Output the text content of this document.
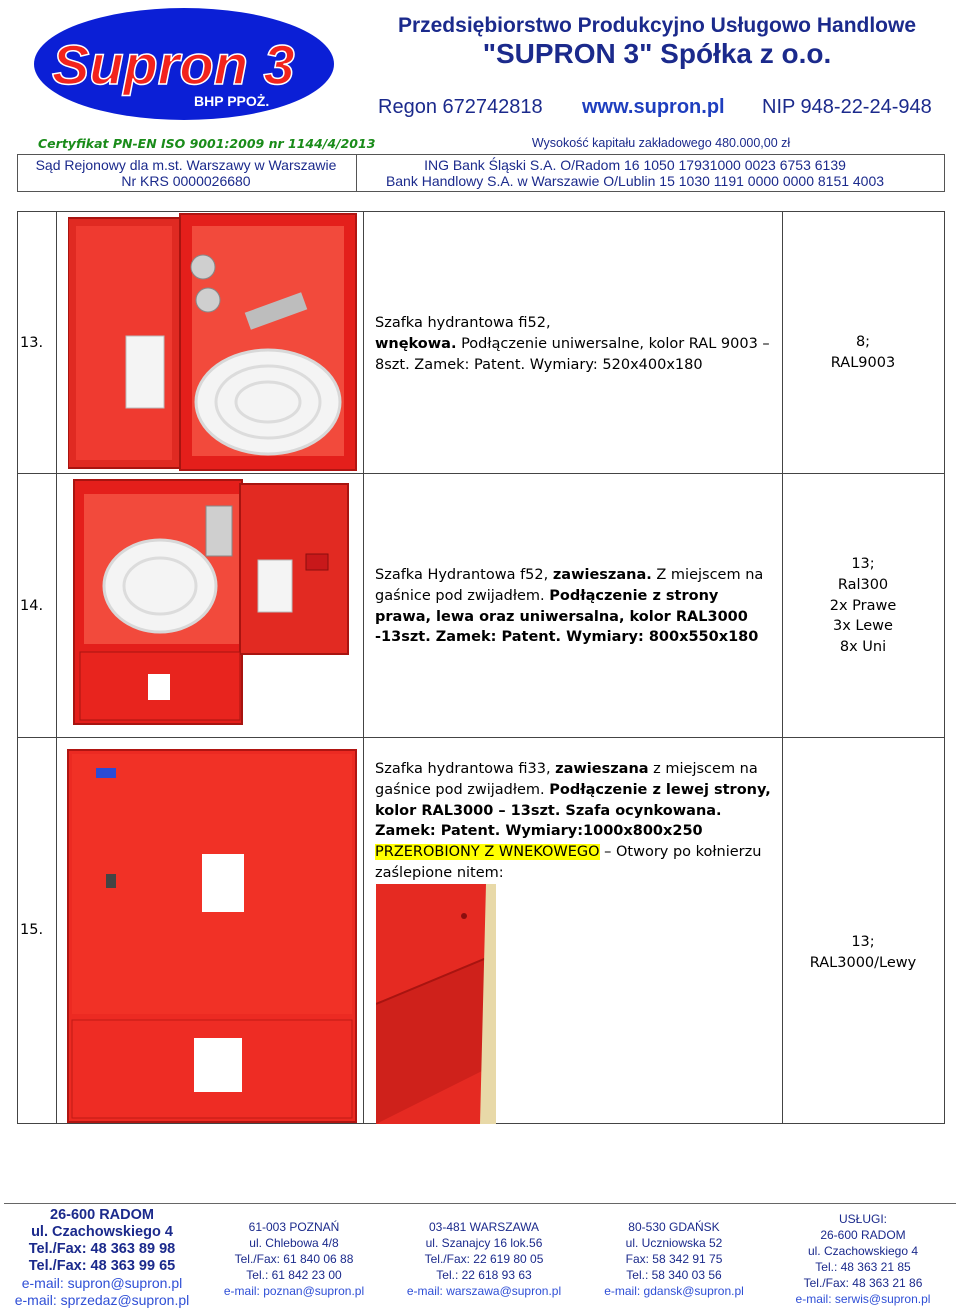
Supron 3
BHP PPOŻ.
Przedsiębiorstwo Produkcyjno Usługowo Handlowe
"SUPRON 3" Spółka z o.o.
Regon 672742818 www.supron.pl NIP 948-22-24-948
Certyfikat PN-EN ISO 9001:2009 nr 1144/4/2013	Wysokość kapitału zakładowego 480.000,00 zł
Sąd Rejonowy dla m.st. Warszawy w Warszawie
Nr KRS 0000026680
ING Bank Śląski S.A. O/Radom 16 1050 17931000 0023 6753 6139
Bank Handlowy S.A. w Warszawie O/Lublin 15 1030 1191 0000 0000 8151 4003
13.
Szafka hydrantowa fi52,
wnękowa. Podłączenie uniwersalne, kolor RAL 9003 – 8szt. Zamek: Patent. Wymiary: 520x400x180
8;
RAL9003
14.
Szafka Hydrantowa f52, zawieszana. Z miejscem na gaśnice pod zwijadłem. Podłączenie z strony prawa, lewa oraz uniwersalna, kolor RAL3000 -13szt. Zamek: Patent. Wymiary: 800x550x180
13;
Ral300
2x Prawe
3x Lewe
8x Uni
15.
Szafka hydrantowa fi33, zawieszana z miejscem na gaśnice pod zwijadłem. Podłączenie z lewej strony, kolor RAL3000 – 13szt. Szafa ocynkowana. Zamek: Patent. Wymiary:1000x800x250
PRZEROBIONY Z WNEKOWEGO – Otwory po kołnierzu zaślepione nitem:
13;
RAL3000/Lewy
26-600 RADOM
ul. Czachowskiego 4
Tel./Fax: 48 363 89 98
Tel./Fax: 48 363 99 65
e-mail: supron@supron.pl
e-mail: sprzedaz@supron.pl
61-003 POZNAŃ
ul. Chlebowa 4/8
Tel./Fax: 61 840 06 88
Tel.: 61 842 23 00
e-mail: poznan@supron.pl
03-481 WARSZAWA
ul. Szanajcy 16 lok.56
Tel./Fax: 22 619 80 05
Tel.: 22 618 93 63
e-mail: warszawa@supron.pl
80-530 GDAŃSK
ul. Uczniowska 52
Fax: 58 342 91 75
Tel.: 58 340 03 56
e-mail: gdansk@supron.pl
USŁUGI:
26-600 RADOM
ul. Czachowskiego 4
Tel.: 48 363 21 85
Tel./Fax: 48 363 21 86
e-mail: serwis@supron.pl
